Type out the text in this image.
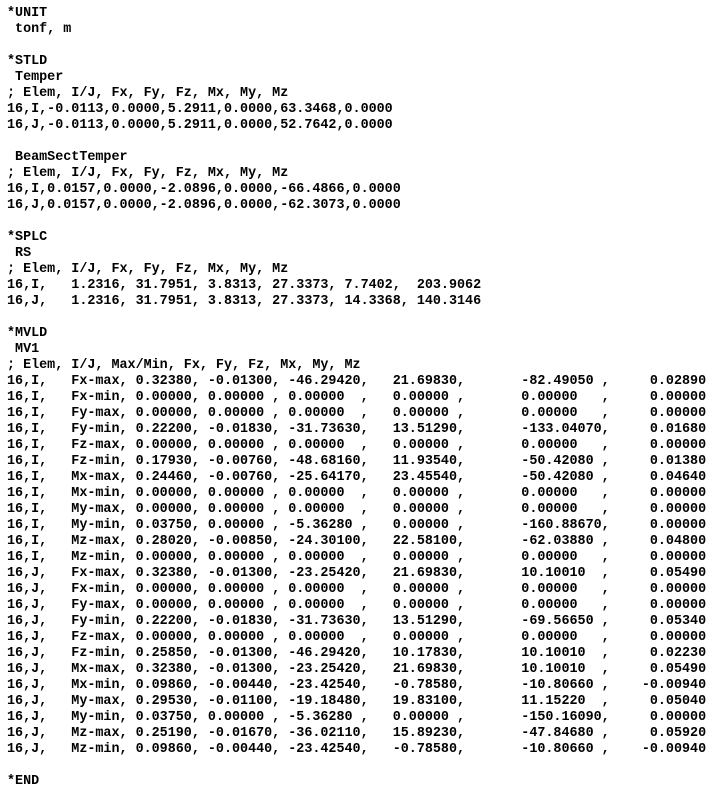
*UNIT
tonf, m
*STLD
Temper
; Elem, I/J, Fx, Fy, Fz, Mx, My, Mz
16,I,-0.0113,0.0000,5.2911,0.0000,63.3468,0.0000
16,J,-0.0113,0.0000,5.2911,0.0000,52.7642,0.0000
BeamSectTemper
; Elem, I/J, Fx, Fy, Fz, Mx, My, Mz
16,I,0.0157,0.0000,-2.0896,0.0000,-66.4866,0.0000
16,J,0.0157,0.0000,-2.0896,0.0000,-62.3073,0.0000
*SPLC
RS
; Elem, I/J, Fx, Fy, Fz, Mx, My, Mz
16,I,   1.2316, 31.7951, 3.8313, 27.3373, 7.7402,  203.9062
16,J,   1.2316, 31.7951, 3.8313, 27.3373, 14.3368, 140.3146
*MVLD
MV1
; Elem, I/J, Max/Min, Fx, Fy, Fz, Mx, My, Mz
16,I,   Fx-max, 0.32380, -0.01300, -46.29420,   21.69830,       -82.49050 ,     0.02890
16,I,   Fx-min, 0.00000, 0.00000 , 0.00000  ,   0.00000 ,       0.00000   ,     0.00000
16,I,   Fy-max, 0.00000, 0.00000 , 0.00000  ,   0.00000 ,       0.00000   ,     0.00000
16,I,   Fy-min, 0.22200, -0.01830, -31.73630,   13.51290,       -133.04070,     0.01680
16,I,   Fz-max, 0.00000, 0.00000 , 0.00000  ,   0.00000 ,       0.00000   ,     0.00000
16,I,   Fz-min, 0.17930, -0.00760, -48.68160,   11.93540,       -50.42080 ,     0.01380
16,I,   Mx-max, 0.24460, -0.00760, -25.64170,   23.45540,       -50.42080 ,     0.04640
16,I,   Mx-min, 0.00000, 0.00000 , 0.00000  ,   0.00000 ,       0.00000   ,     0.00000
16,I,   My-max, 0.00000, 0.00000 , 0.00000  ,   0.00000 ,       0.00000   ,     0.00000
16,I,   My-min, 0.03750, 0.00000 , -5.36280 ,   0.00000 ,       -160.88670,     0.00000
16,I,   Mz-max, 0.28020, -0.00850, -24.30100,   22.58100,       -62.03880 ,     0.04800
16,I,   Mz-min, 0.00000, 0.00000 , 0.00000  ,   0.00000 ,       0.00000   ,     0.00000
16,J,   Fx-max, 0.32380, -0.01300, -23.25420,   21.69830,       10.10010  ,     0.05490
16,J,   Fx-min, 0.00000, 0.00000 , 0.00000  ,   0.00000 ,       0.00000   ,     0.00000
16,J,   Fy-max, 0.00000, 0.00000 , 0.00000  ,   0.00000 ,       0.00000   ,     0.00000
16,J,   Fy-min, 0.22200, -0.01830, -31.73630,   13.51290,       -69.56650 ,     0.05340
16,J,   Fz-max, 0.00000, 0.00000 , 0.00000  ,   0.00000 ,       0.00000   ,     0.00000
16,J,   Fz-min, 0.25850, -0.01300, -46.29420,   10.17830,       10.10010  ,     0.02230
16,J,   Mx-max, 0.32380, -0.01300, -23.25420,   21.69830,       10.10010  ,     0.05490
16,J,   Mx-min, 0.09860, -0.00440, -23.42540,   -0.78580,       -10.80660 ,    -0.00940
16,J,   My-max, 0.29530, -0.01100, -19.18480,   19.83100,       11.15220  ,     0.05040
16,J,   My-min, 0.03750, 0.00000 , -5.36280 ,   0.00000 ,       -150.16090,     0.00000
16,J,   Mz-max, 0.25190, -0.01670, -36.02110,   15.89230,       -47.84680 ,     0.05920
16,J,   Mz-min, 0.09860, -0.00440, -23.42540,   -0.78580,       -10.80660 ,    -0.00940
*END
